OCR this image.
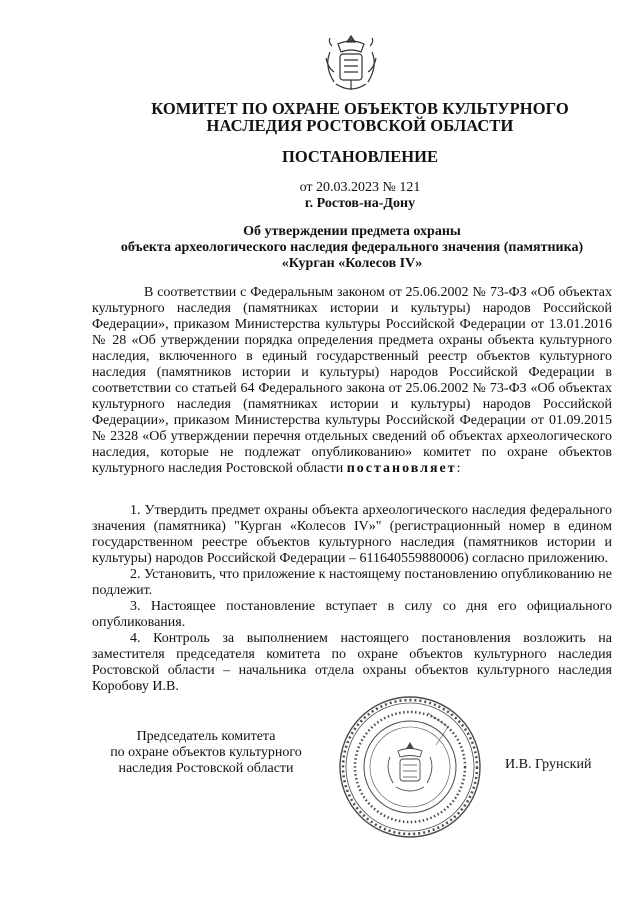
КОМИТЕТ ПО ОХРАНЕ ОБЪЕКТОВ КУЛЬТУРНОГО
НАСЛЕДИЯ РОСТОВСКОЙ ОБЛАСТИ
ПОСТАНОВЛЕНИЕ
от 20.03.2023 № 121
г. Ростов-на-Дону
Об утверждении предмета охраны
объекта археологического наследия федерального значения (памятника)
«Курган «Колесов IV»

В соответствии с Федеральным законом от 25.06.2002 № 73-ФЗ «Об объектах культурного наследия (памятниках истории и культуры) народов Российской Федерации», приказом Министерства культуры Российской Федерации от 13.01.2016 № 28 «Об утверждении порядка определения предмета охраны объекта культурного наследия, включенного в единый государственный реестр объектов культурного наследия (памятников истории и культуры) народов Российской Федерации в соответствии со статьей 64 Федерального закона от 25.06.2002 № 73-ФЗ «Об объектах культурного наследия (памятниках истории и культуры) народов Российской Федерации», приказом Министерства культуры Российской Федерации от 01.09.2015 № 2328 «Об утверждении перечня отдельных сведений об объектах археологического наследия, которые не подлежат опубликованию» комитет по охране объектов культурного наследия Ростовской области постановляет:

1. Утвердить предмет охраны объекта археологического наследия федерального значения (памятника) "Курган «Колесов IV»" (регистрационный номер в едином государственном реестре объектов культурного наследия (памятников истории и культуры) народов Российской Федерации – 611640559880006) согласно приложению.

2. Установить, что приложение к настоящему постановлению опубликованию не подлежит.

3. Настоящее постановление вступает в силу со дня его официального опубликования.

4. Контроль за выполнением настоящего постановления возложить на заместителя председателя комитета по охране объектов культурного наследия Ростовской области – начальника отдела охраны объектов культурного наследия Коробову И.В.

Председатель комитета
по охране объектов культурного
наследия Ростовской области	И.В. Грунский
